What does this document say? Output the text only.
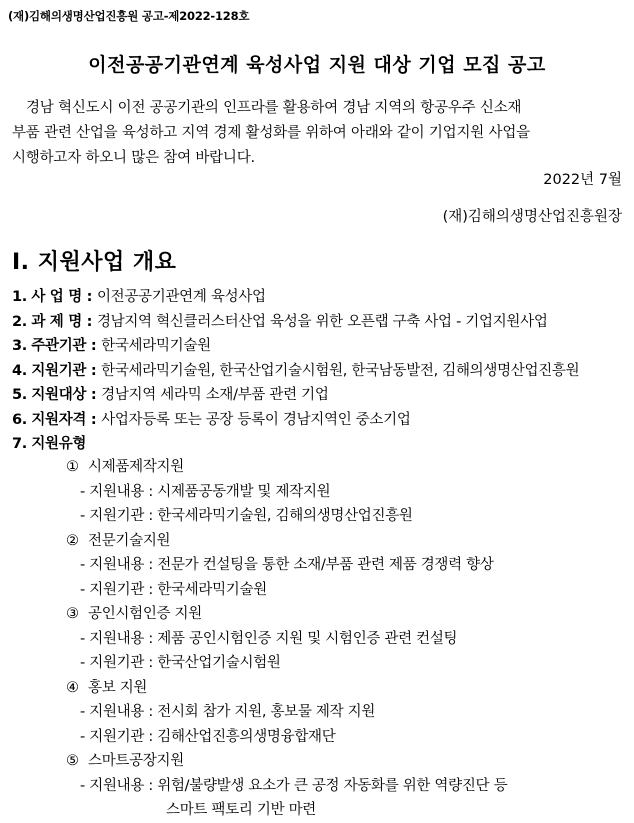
(재)김해의생명산업진흥원 공고-제2022-128호
이전공공기관연계 육성사업 지원 대상 기업 모집 공고

경남 혁신도시 이전 공공기관의 인프라를 활용하여 경남 지역의 항공우주 신소재

부품 관련 산업을 육성하고 지역 경제 활성화를 위하여 아래와 같이 기업지원 사업을

시행하고자 하오니 많은 참여 바랍니다.

2022년 7월
(재)김해의생명산업진흥원장
Ⅰ. 지원사업 개요
1. 사 업 명 : 이전공공기관연계 육성사업
2. 과 제 명 : 경남지역 혁신클러스터산업 육성을 위한 오픈랩 구축 사업 - 기업지원사업
3. 주관기관 : 한국세라믹기술원
4. 지원기관 : 한국세라믹기술원, 한국산업기술시험원, 한국남동발전, 김해의생명산업진흥원
5. 지원대상 : 경남지역 세라믹 소재/부품 관련 기업
6. 지원자격 : 사업자등록 또는 공장 등록이 경남지역인 중소기업
7. 지원유형
① 시제품제작지원
- 지원내용 : 시제품공동개발 및 제작지원
- 지원기관 : 한국세라믹기술원, 김해의생명산업진흥원
② 전문기술지원
- 지원내용 : 전문가 컨설팅을 통한 소재/부품 관련 제품 경쟁력 향상
- 지원기관 : 한국세라믹기술원
③ 공인시험인증 지원
- 지원내용 : 제품 공인시험인증 지원 및 시험인증 관련 컨설팅
- 지원기관 : 한국산업기술시험원
④ 홍보 지원
- 지원내용 : 전시회 참가 지원, 홍보물 제작 지원
- 지원기관 : 김해산업진흥의생명융합재단
⑤ 스마트공장지원
- 지원내용 : 위험/불량발생 요소가 큰 공정 자동화를 위한 역량진단 등
스마트 팩토리 기반 마련
